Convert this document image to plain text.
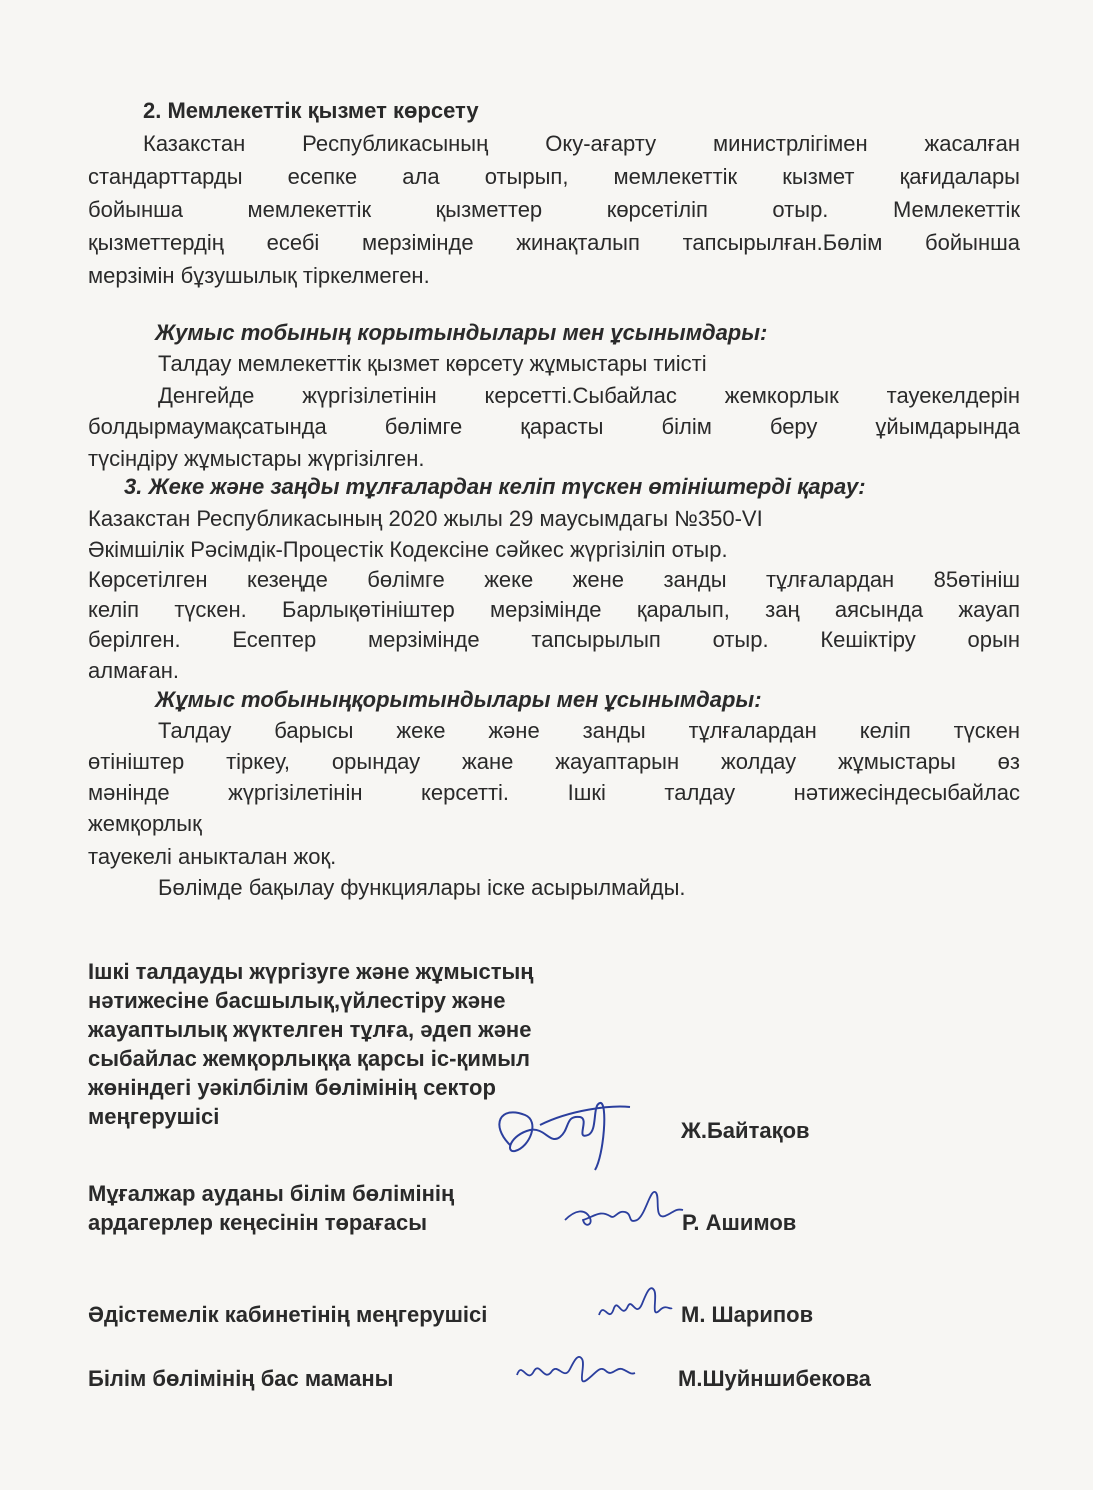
2. Мемлекеттік қызмет көрсету
Казакстан Республикасының Оку-ағарту министрлігімен жасалған
стандарттарды есепке ала отырып, мемлекеттік кызмет қағидалары
бойынша мемлекеттік қызметтер көрсетіліп отыр. Мемлекеттік
қызметтердің есебі мерзімінде жинақталып тапсырылған.Бөлім бойынша
мерзімін бұзушылық тіркелмеген.
Жумыс тобының корытындылары мен ұсынымдары:
Талдау мемлекеттік қызмет көрсету жұмыстары тиісті
Денгейде жүргізілетінін керсетті.Сыбайлас жемкорлык тауекелдерін
болдырмаумақсатында бөлімге қарасты білім беру ұйымдарында
түсіндіру жұмыстары жүргізілген.
3. Жеке және заңды тұлғалардан келіп түскен өтініштерді қарау:
Казакстан Республикасының 2020 жылы 29 маусымдагы №350-VI
Әкімшілік Рәсімдік-Процестік Кодексіне сәйкес жүргізіліп отыр.
Көрсетілген кезеңде бөлімге жеке жене занды тұлғалардан 85өтініш
келіп түскен. Барлықөтініштер мерзімінде қаралып, заң аясында жауап
берілген. Есептер мерзімінде тапсырылып отыр. Кешіктіру орын
алмаған.
Жұмыс тобыныңқорытындылары мен ұсынымдары:
Талдау барысы жеке және занды тұлғалардан келіп түскен
өтініштер тіркеу, орындау жане жауаптарын жолдау жұмыстары өз
мәнінде жүргізілетінін керсетті. Ішкі талдау нәтижесіндесыбайлас
жемқорлық
тауекелі аныкталан жоқ.
Бөлімде бақылау функциялары іске асырылмайды.
Ішкі талдауды жүргізуге және жұмыстың
нәтижесіне басшылық,үйлестіру және
жауаптылық жүктелген тұлға, әдеп және
сыбайлас жемқорлыққа қарсы іс-қимыл
жөніндегі уәкілбілім бөлімінің сектор
меңгерушісі
Ж.Байтақов
Мұғалжар ауданы білім бөлімінің
ардагерлер кеңесінін төрағасы	Р. Ашимов
Әдістемелік кабинетінің меңгерушісі	М. Шарипов
Білім бөлімінің бас маманы	М.Шуйншибекова
